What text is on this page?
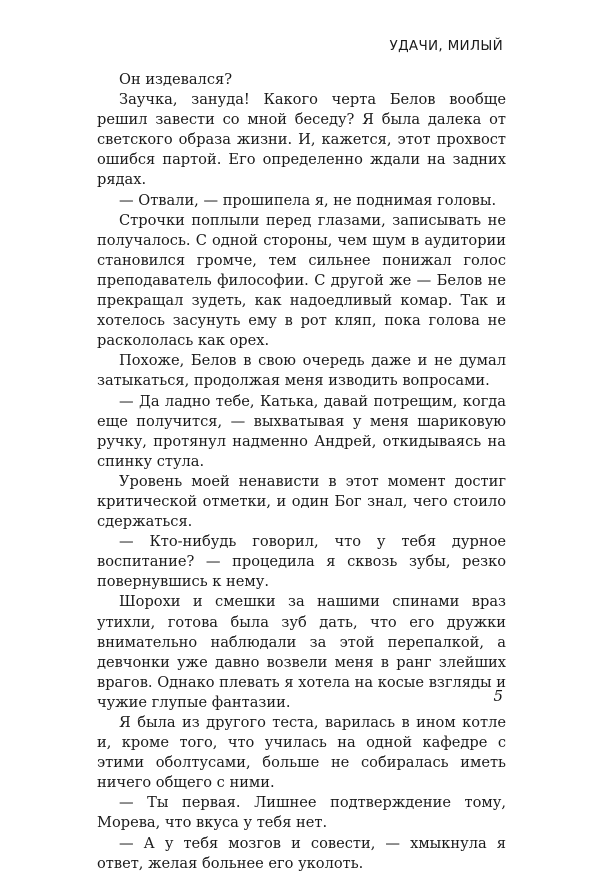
УДАЧИ, МИЛЫЙ

Он издевался?

Заучка, зануда! Какого черта Белов вообще решил завести со мной беседу? Я была далека от светского образа жизни. И, кажется, этот прохвост ошибся партой. Его определенно ждали на задних рядах.

— Отвали, — прошипела я, не поднимая головы.

Строчки поплыли перед глазами, записывать не получалось. С одной стороны, чем шум в аудитории становился громче, тем сильнее понижал голос преподаватель философии. С другой же — Белов не прекращал зудеть, как надоедливый комар. Так и хотелось засунуть ему в рот кляп, пока голова не раскололась как орех.

Похоже, Белов в свою очередь даже и не думал затыкаться, продолжая меня изводить вопросами.

— Да ладно тебе, Катька, давай потрещим, когда еще получится, — выхватывая у меня шариковую ручку, протянул надменно Андрей, откидываясь на спинку стула.

Уровень моей ненависти в этот момент достиг критической отметки, и один Бог знал, чего стоило сдержаться.

— Кто-нибудь говорил, что у тебя дурное воспитание? — процедила я сквозь зубы, резко повернувшись к нему.

Шорохи и смешки за нашими спинами враз утихли, готова была зуб дать, что его дружки внимательно наблюдали за этой перепалкой, а девчонки уже давно возвели меня в ранг злейших врагов. Однако плевать я хотела на косые взгляды и чужие глупые фантазии.

Я была из другого теста, варилась в ином котле и, кроме того, что училась на одной кафедре с этими оболтусами, больше не собиралась иметь ничего общего с ними.

— Ты первая. Лишнее подтверждение тому, Морева, что вкуса у тебя нет.

— А у тебя мозгов и совести, — хмыкнула я ответ, желая больнее его уколоть.

5
